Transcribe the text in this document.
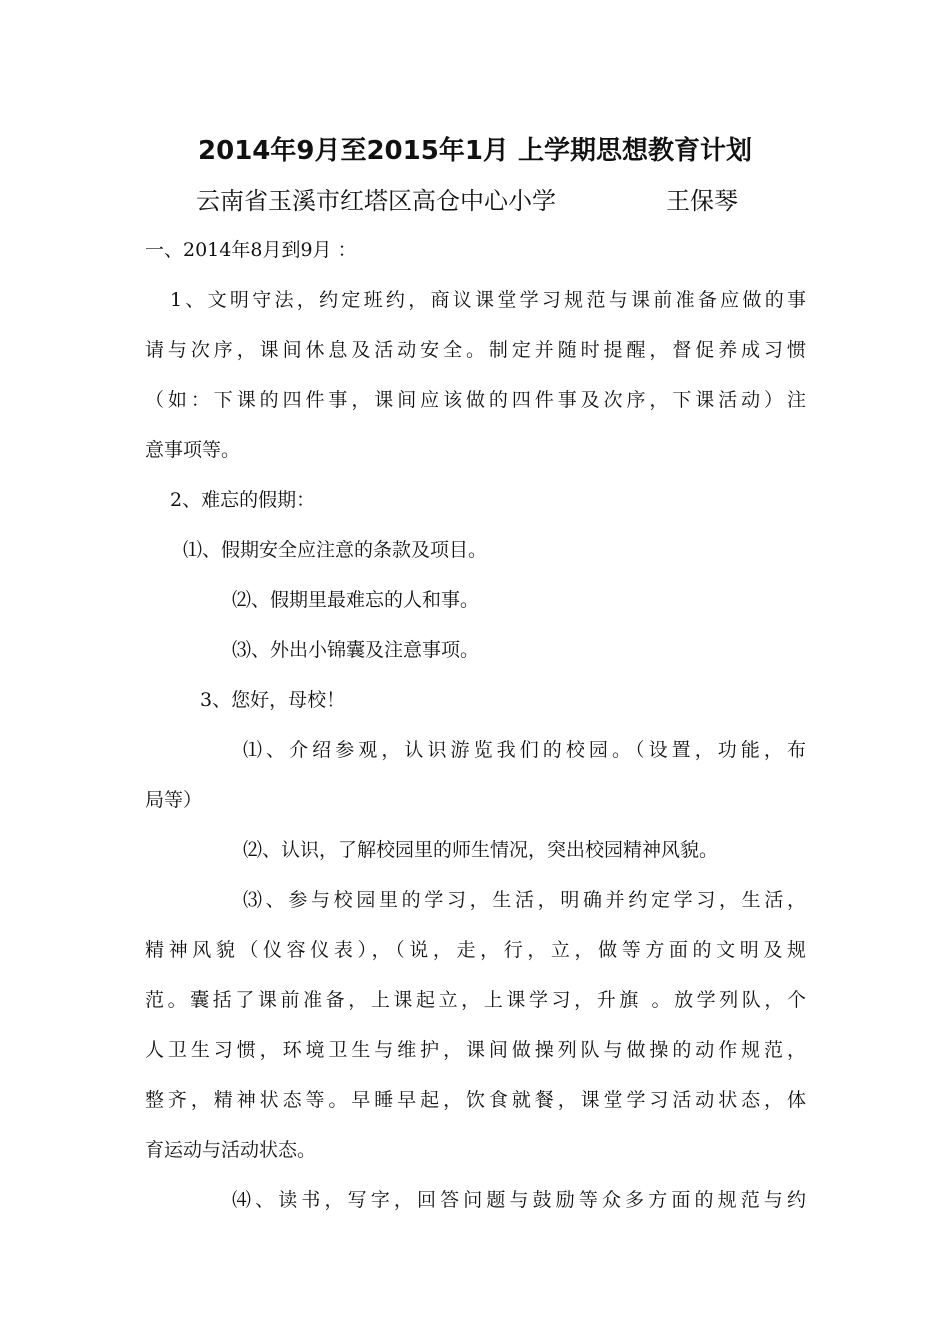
2014年9月至2015年1月 上学期思想教育计划
云南省玉溪市红塔区高仓中心小学	王保琴
一、2014年8月到9月 ：
1、文明守法，约定班约，商议课堂学习规范与课前准备应做的事
请与次序，课间休息及活动安全。制定并随时提醒，督促养成习惯
（如：下课的四件事，课间应该做的四件事及次序，下课活动）注
意事项等。
2、难忘的假期：
⑴、假期安全应注意的条款及项目。
⑵、假期里最难忘的人和事。
⑶、外出小锦囊及注意事项。
3、您好，母校！
⑴、介绍参观，认识游览我们的校园。（设置，功能，布
局等）
⑵、认识，了解校园里的师生情况，突出校园精神风貌。
⑶、参与校园里的学习，生活，明确并约定学习，生活，
精神风貌（仪容仪表），（说，走，行，立，做等方面的文明及规
范。囊括了课前准备，上课起立，上课学习，升旗 。放学列队，个
人卫生习惯，环境卫生与维护，课间做操列队与做操的动作规范，
整齐，精神状态等。早睡早起，饮食就餐，课堂学习活动状态，体
育运动与活动状态。
⑷、读书，写字，回答问题与鼓励等众多方面的规范与约
